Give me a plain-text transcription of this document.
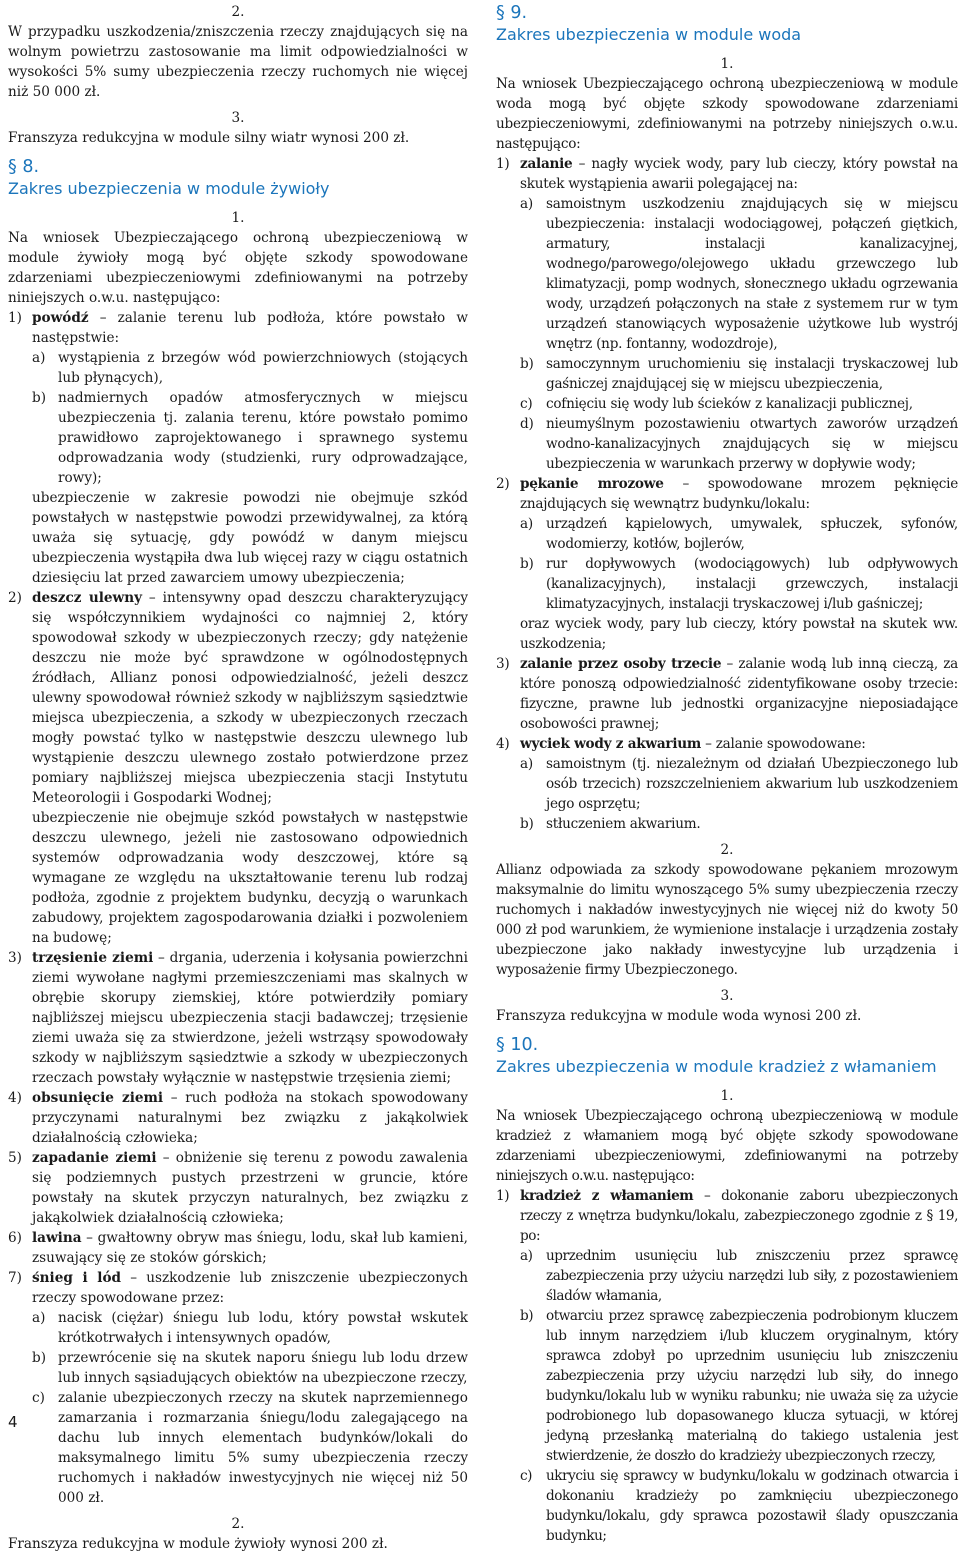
2.
W przypadku uszkodzenia/zniszczenia rzeczy znajdujących się na wolnym powietrzu zastosowanie ma limit odpowiedzialności w wysokości 5% sumy ubezpieczenia rzeczy ruchomych nie więcej niż 50 000 zł.
3.
Franszyza redukcyjna w module silny wiatr wynosi 200 zł.
§ 8.
Zakres ubezpieczenia w module żywioły
1.
Na wniosek Ubezpieczającego ochroną ubezpieczeniową w module żywioły mogą być objęte szkody spowodowane zdarzeniami ubezpieczeniowymi zdefiniowanymi na potrzeby niniejszych o.w.u. następująco:
1) powódź – zalanie terenu lub podłoża, które powstało w następstwie:
a) wystąpienia z brzegów wód powierzchniowych (stojących lub płynących),
b) nadmiernych opadów atmosferycznych w miejscu ubezpieczenia tj. zalania terenu, które powstało pomimo prawidłowo zaprojektowanego i sprawnego systemu odprowadzania wody (studzienki, rury odprowadzające, rowy);
ubezpieczenie w zakresie powodzi nie obejmuje szkód powstałych w następstwie powodzi przewidywalnej, za którą uważa się sytuację, gdy powódź w danym miejscu ubezpieczenia wystąpiła dwa lub więcej razy w ciągu ostatnich dziesięciu lat przed zawarciem umowy ubezpieczenia;
2) deszcz ulewny – intensywny opad deszczu charakteryzujący się współczynnikiem wydajności co najmniej 2, który spowodował szkody w ubezpieczonych rzeczy; gdy natężenie deszczu nie może być sprawdzone w ogólnodostępnych źródłach, Allianz ponosi odpowiedzialność, jeżeli deszcz ulewny spowodował również szkody w najbliższym sąsiedztwie miejsca ubezpieczenia, a szkody w ubezpieczonych rzeczach mogły powstać tylko w następstwie deszczu ulewnego lub wystąpienie deszczu ulewnego zostało potwierdzone przez pomiary najbliższej miejsca ubezpieczenia stacji Instytutu Meteorologii i Gospodarki Wodnej;
ubezpieczenie nie obejmuje szkód powstałych w następstwie deszczu ulewnego, jeżeli nie zastosowano odpowiednich systemów odprowadzania wody deszczowej, które są wymagane ze względu na ukształtowanie terenu lub rodzaj podłoża, zgodnie z projektem budynku, decyzją o warunkach zabudowy, projektem zagospodarowania działki i pozwoleniem na budowę;
3) trzęsienie ziemi – drgania, uderzenia i kołysania powierzchni ziemi wywołane nagłymi przemieszczeniami mas skalnych w obrębie skorupy ziemskiej, które potwierdziły pomiary najbliższej miejscu ubezpieczenia stacji badawczej; trzęsienie ziemi uważa się za stwierdzone, jeżeli wstrząsy spowodowały szkody w najbliższym sąsiedztwie a szkody w ubezpieczonych rzeczach powstały wyłącznie w następstwie trzęsienia ziemi;
4) obsunięcie ziemi – ruch podłoża na stokach spowodowany przyczynami naturalnymi bez związku z jakąkolwiek działalnością człowieka;
5) zapadanie ziemi – obniżenie się terenu z powodu zawalenia się podziemnych pustych przestrzeni w gruncie, które powstały na skutek przyczyn naturalnych, bez związku z jakąkolwiek działalnością człowieka;
6) lawina – gwałtowny obryw mas śniegu, lodu, skał lub kamieni, zsuwający się ze stoków górskich;
7) śnieg i lód – uszkodzenie lub zniszczenie ubezpieczonych rzeczy spowodowane przez:
a) nacisk (ciężar) śniegu lub lodu, który powstał wskutek krótkotrwałych i intensywnych opadów,
b) przewrócenie się na skutek naporu śniegu lub lodu drzew lub innych sąsiadujących obiektów na ubezpieczone rzeczy,
c) zalanie ubezpieczonych rzeczy na skutek naprzemiennego zamarzania i rozmarzania śniegu/lodu zalegającego na dachu lub innych elementach budynków/lokali do maksymalnego limitu 5% sumy ubezpieczenia rzeczy ruchomych i nakładów inwestycyjnych nie więcej niż 50 000 zł.
2.
Franszyza redukcyjna w module żywioły wynosi 200 zł.
§ 9.
Zakres ubezpieczenia w module woda
1.
Na wniosek Ubezpieczającego ochroną ubezpieczeniową w module woda mogą być objęte szkody spowodowane zdarzeniami ubezpieczeniowymi, zdefiniowanymi na potrzeby niniejszych o.w.u. następująco:
1) zalanie – nagły wyciek wody, pary lub cieczy, który powstał na skutek wystąpienia awarii polegającej na:
a) samoistnym uszkodzeniu znajdujących się w miejscu ubezpieczenia: instalacji wodociągowej, połączeń giętkich, armatury, instalacji kanalizacyjnej, wodnego/parowego/olejowego układu grzewczego lub klimatyzacji, pomp wodnych, słonecznego układu ogrzewania wody, urządzeń połączonych na stałe z systemem rur w tym urządzeń stanowiących wyposażenie użytkowe lub wystrój wnętrz (np. fontanny, wodozdroje),
b) samoczynnym uruchomieniu się instalacji tryskaczowej lub gaśniczej znajdującej się w miejscu ubezpieczenia,
c) cofnięciu się wody lub ścieków z kanalizacji publicznej,
d) nieumyślnym pozostawieniu otwartych zaworów urządzeń wodno-kanalizacyjnych znajdujących się w miejscu ubezpieczenia w warunkach przerwy w dopływie wody;
2) pękanie mrozowe – spowodowane mrozem pęknięcie znajdujących się wewnątrz budynku/lokalu:
a) urządzeń kąpielowych, umywalek, spłuczek, syfonów, wodomierzy, kotłów, bojlerów,
b) rur dopływowych (wodociągowych) lub odpływowych (kanalizacyjnych), instalacji grzewczych, instalacji klimatyzacyjnych, instalacji tryskaczowej i/lub gaśniczej;
oraz wyciek wody, pary lub cieczy, który powstał na skutek ww. uszkodzenia;
3) zalanie przez osoby trzecie – zalanie wodą lub inną cieczą, za które ponoszą odpowiedzialność zidentyfikowane osoby trzecie: fizyczne, prawne lub jednostki organizacyjne nieposiadające osobowości prawnej;
4) wyciek wody z akwarium – zalanie spowodowane:
a) samoistnym (tj. niezależnym od działań Ubezpieczonego lub osób trzecich) rozszczelnieniem akwarium lub uszkodzeniem jego osprzętu;
b) stłuczeniem akwarium.
2.
Allianz odpowiada za szkody spowodowane pękaniem mrozowym maksymalnie do limitu wynoszącego 5% sumy ubezpieczenia rzeczy ruchomych i nakładów inwestycyjnych nie więcej niż do kwoty 50 000 zł pod warunkiem, że wymienione instalacje i urządzenia zostały ubezpieczone jako nakłady inwestycyjne lub urządzenia i wyposażenie firmy Ubezpieczonego.
3.
Franszyza redukcyjna w module woda wynosi 200 zł.
§ 10.
Zakres ubezpieczenia w module kradzież z włamaniem
1.
Na wniosek Ubezpieczającego ochroną ubezpieczeniową w module kradzież z włamaniem mogą być objęte szkody spowodowane zdarzeniami ubezpieczeniowymi, zdefiniowanymi na potrzeby niniejszych o.w.u. następująco:
1) kradzież z włamaniem – dokonanie zaboru ubezpieczonych rzeczy z wnętrza budynku/lokalu, zabezpieczonego zgodnie z § 19, po:
a) uprzednim usunięciu lub zniszczeniu przez sprawcę zabezpieczenia przy użyciu narzędzi lub siły, z pozostawieniem śladów włamania,
b) otwarciu przez sprawcę zabezpieczenia podrobionym kluczem lub innym narzędziem i/lub kluczem oryginalnym, który sprawca zdobył po uprzednim usunięciu lub zniszczeniu zabezpieczenia przy użyciu narzędzi lub siły, do innego budynku/lokalu lub w wyniku rabunku; nie uważa się za użycie podrobionego lub dopasowanego klucza sytuacji, w której jedyną przesłanką materialną do takiego ustalenia jest stwierdzenie, że doszło do kradzieży ubezpieczonych rzeczy,
c) ukryciu się sprawcy w budynku/lokalu w godzinach otwarcia i dokonaniu kradzieży po zamknięciu ubezpieczonego budynku/lokalu, gdy sprawca pozostawił ślady opuszczania budynku;
4
